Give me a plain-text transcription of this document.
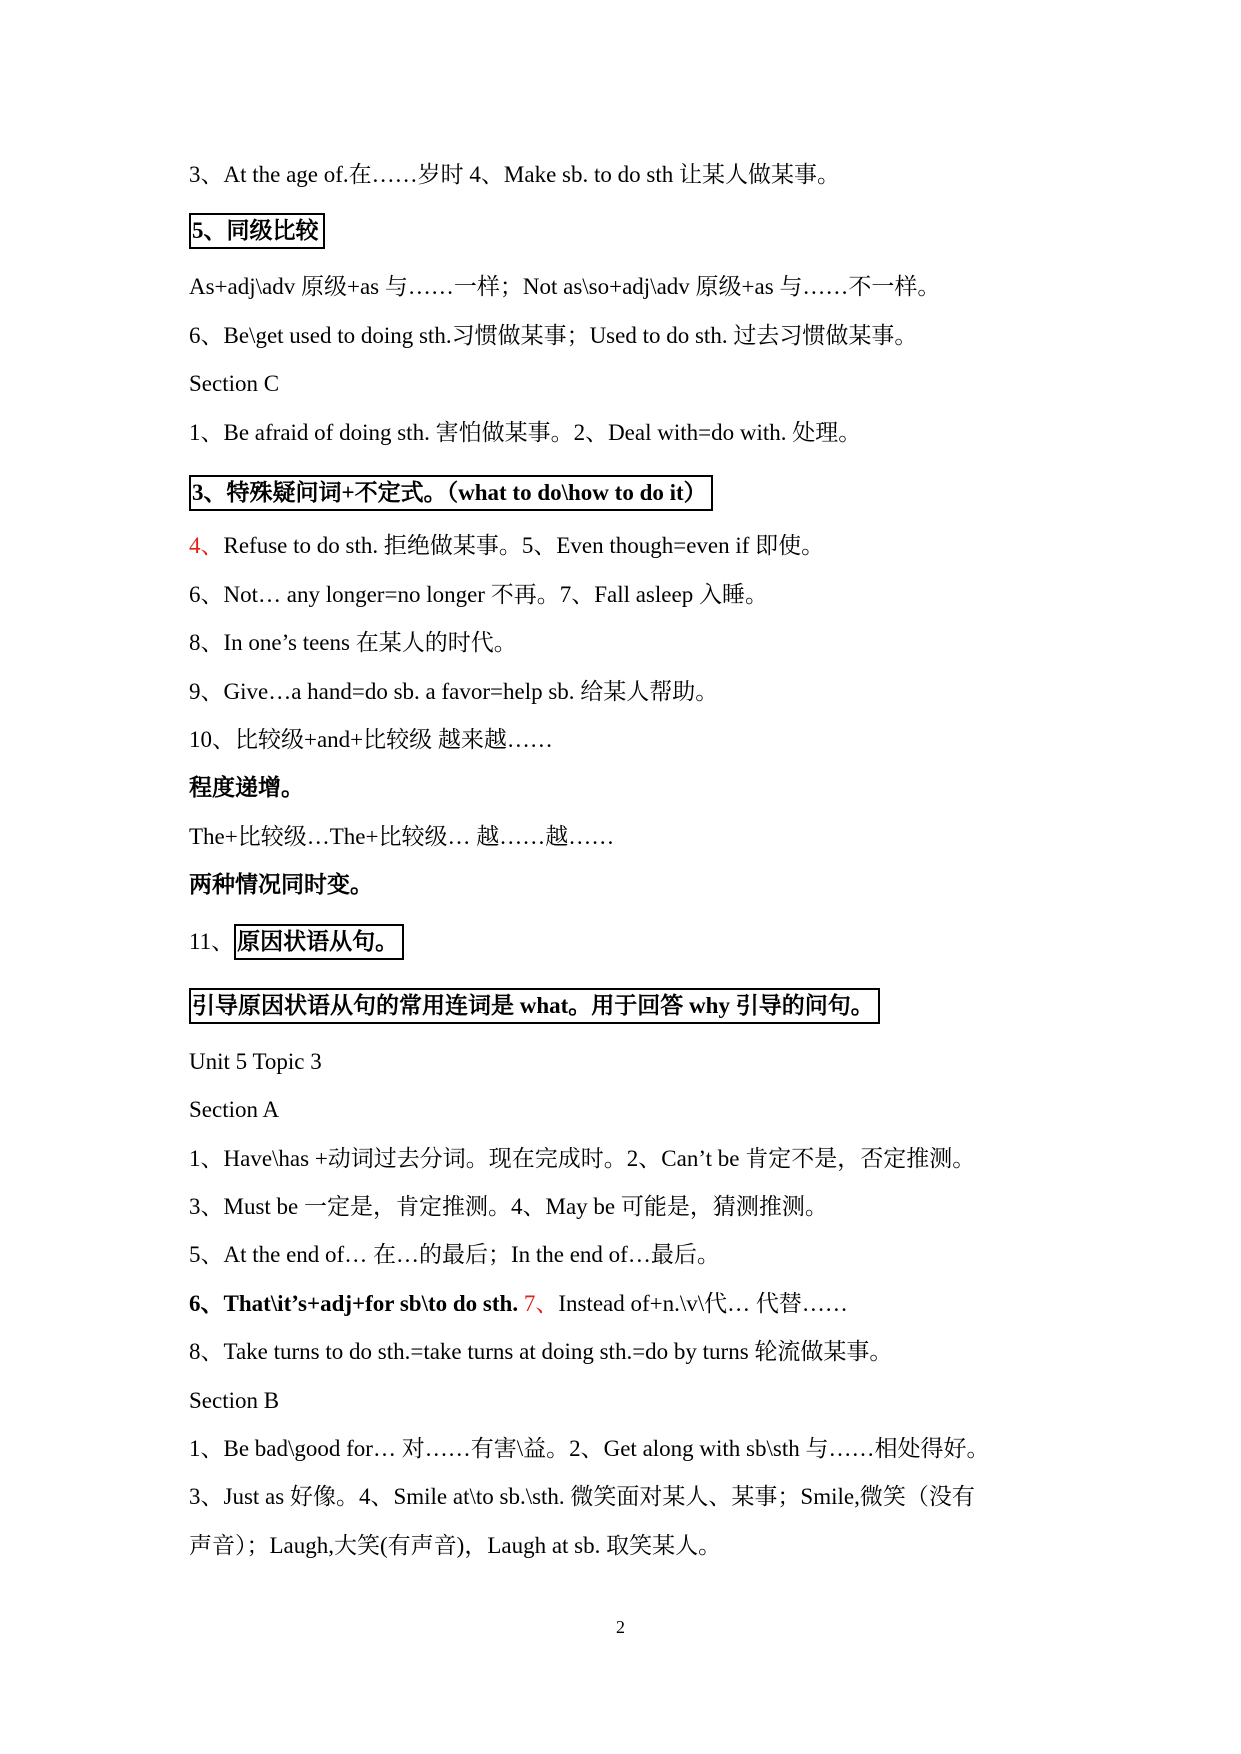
3、At the age of.在……岁时 4、Make sb. to do sth 让某人做某事。
5、同级比较
As+adj\adv 原级+as 与……一样；Not as\so+adj\adv 原级+as 与……不一样。
6、Be\get used to doing sth.习惯做某事；Used to do sth. 过去习惯做某事。
Section C
1、Be afraid of doing sth. 害怕做某事。2、Deal with=do with. 处理。
3、特殊疑问词+不定式。（what to do\how to do it）
4、Refuse to do sth. 拒绝做某事。5、Even though=even if 即使。
6、Not… any longer=no longer 不再。7、Fall asleep 入睡。
8、In one’s teens 在某人的时代。
9、Give…a hand=do sb. a favor=help sb. 给某人帮助。
10、比较级+and+比较级 越来越……
程度递增。
The+比较级…The+比较级… 越……越……
两种情况同时变。
11、 原因状语从句。
引导原因状语从句的常用连词是 what。用于回答 why 引导的问句。
Unit 5 Topic 3
Section A
1、Have\has +动词过去分词。现在完成时。2、Can’t be 肯定不是，否定推测。
3、Must be 一定是，肯定推测。4、May be 可能是，猜测推测。
5、At the end of… 在…的最后；In the end of…最后。
6、That\it’s+adj+for sb\to do sth. 7、Instead of+n.\v\代… 代替……
8、Take turns to do sth.=take turns at doing sth.=do by turns 轮流做某事。
Section B
1、Be bad\good for… 对……有害\益。2、Get along with sb\sth 与……相处得好。
3、Just as 好像。4、Smile at\to sb.\sth. 微笑面对某人、某事；Smile,微笑（没有
声音）；Laugh,大笑(有声音)，Laugh at sb. 取笑某人。
2
